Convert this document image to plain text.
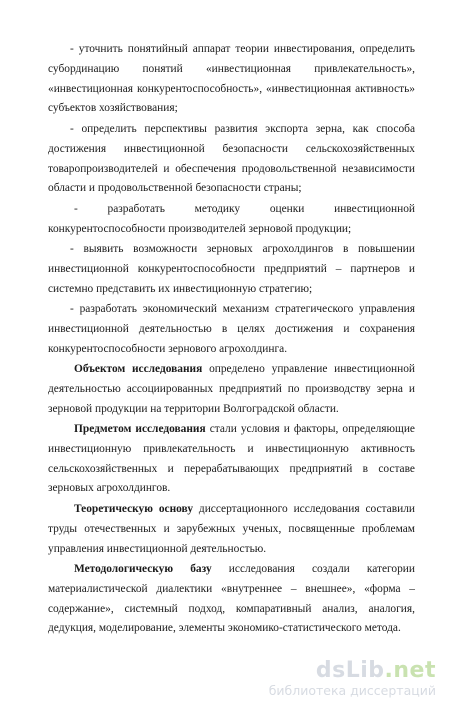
- уточнить понятийный аппарат теории инвестирования, определить субординацию понятий «инвестиционная привлекательность», «инвестиционная конкурентоспособность», «инвестиционная активность» субъектов хозяйствования;

- определить перспективы развития экспорта зерна, как способа достижения инвестиционной безопасности сельскохозяйственных товаропроизводителей и обеспечения продовольственной независимости области и продовольственной безопасности страны;

- разработать методику оценки инвестиционной конкурентоспособности производителей зерновой продукции;

- выявить возможности зерновых агрохолдингов в повышении инвестиционной конкурентоспособности предприятий – партнеров и системно представить их инвестиционную стратегию;

- разработать экономический механизм стратегического управления инвестиционной деятельностью в целях достижения и сохранения конкурентоспособности зернового агрохолдинга.

Объектом исследования определено управление инвестиционной деятельностью ассоциированных предприятий по производству зерна и зерновой продукции на территории Волгоградской области.

Предметом исследования стали условия и факторы, определяющие инвестиционную привлекательность и инвестиционную активность сельскохозяйственных и перерабатывающих предприятий в составе зерновых агрохолдингов.

Теоретическую основу диссертационного исследования составили труды отечественных и зарубежных ученых, посвященные проблемам управления инвестиционной деятельностью.

Методологическую базу исследования создали категории материалистической диалектики «внутреннее – внешнее», «форма – содержание», системный подход, компаративный анализ, аналогия, дедукция, моделирование, элементы экономико-статистического метода.

dsLib.net
библиотека диссертаций
